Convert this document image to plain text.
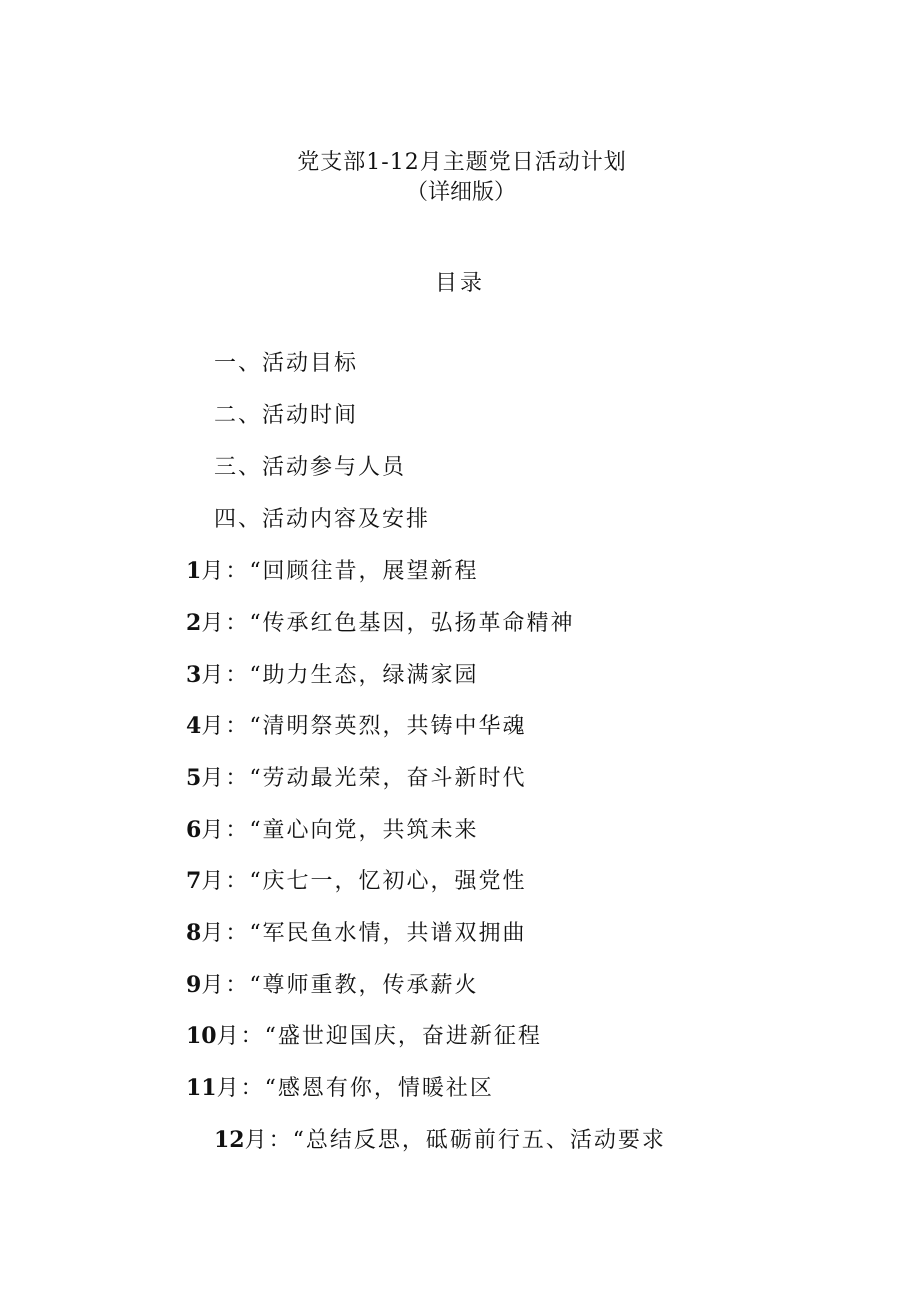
党支部1-12月主题党日活动计划

（详细版）

目录
一、活动目标
二、活动时间
三、活动参与人员
四、活动内容及安排
1月：“回顾往昔，展望新程
2月：“传承红色基因，弘扬革命精神
3月：“助力生态，绿满家园
4月：“清明祭英烈，共铸中华魂
5月：“劳动最光荣，奋斗新时代
6月：“童心向党，共筑未来
7月：“庆七一，忆初心，强党性
8月：“军民鱼水情，共谱双拥曲
9月：“尊师重教，传承薪火
10月：“盛世迎国庆，奋进新征程
11月：“感恩有你，情暖社区
12月：“总结反思，砥砺前行五、活动要求
